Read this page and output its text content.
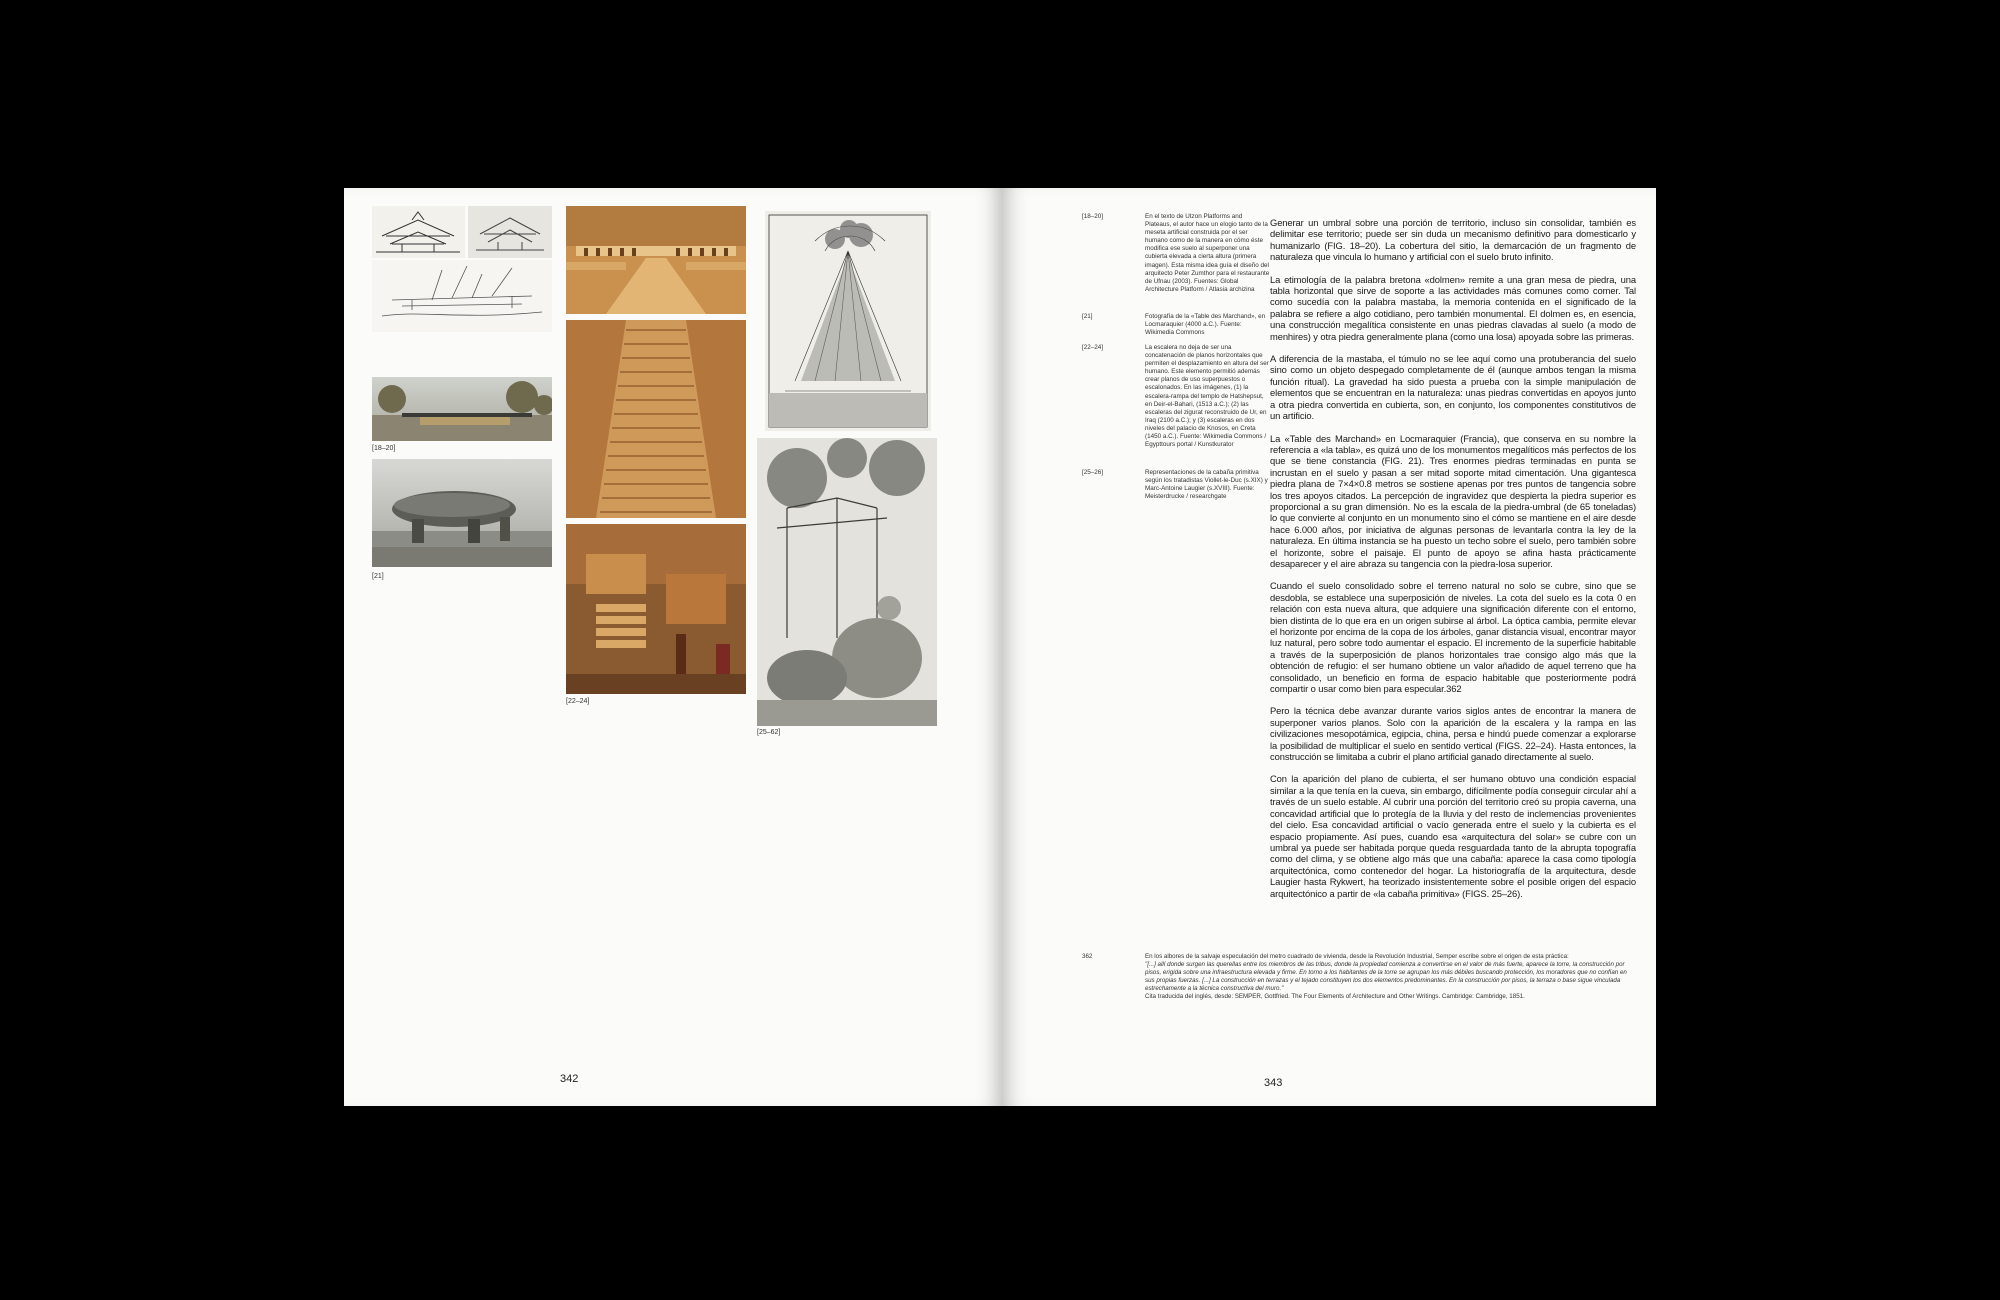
[18–20]
[21]
[22–24]
[25–62]
342
[18–20]	En el texto de Utzon Platforms and Plateaus, el autor hace un elogio tanto de la meseta artificial construida por el ser humano como de la manera en cómo éste modifica ese suelo al superponer una cubierta elevada a cierta altura (primera imagen). Esta misma idea guía el diseño del arquitecto Peter Zumthor para el restaurante de Ufnau (2003). Fuentes: Global Architecture Platform / Atlasia archizina
[21]	Fotografía de la «Table des Marchand», en Locmaraquier (4000 a.C.). Fuente: Wikimedia Commons
[22–24]	La escalera no deja de ser una concatenación de planos horizontales que permiten el desplazamiento en altura del ser humano. Este elemento permitió además crear planos de uso superpuestos o escalonados. En las imágenes, (1) la escalera-rampa del templo de Hatshepsut, en Deir-el-Bahari, (1513 a.C.); (2) las escaleras del zigurat reconstruido de Ur, en Iraq (2100 a.C.); y (3) escaleras en dos niveles del palacio de Knosos, en Creta (1450 a.C.). Fuente: Wikimedia Commons / Egypttours portal / Kunstkurator
[25–26]	Representaciones de la cabaña primitiva según los tratadistas Viollet-le-Duc (s.XIX) y Marc-Antoine Laugier (s.XVIII). Fuente: Meisterdrucke / researchgate

Generar un umbral sobre una porción de territorio, incluso sin consolidar, también es delimitar ese territorio; puede ser sin duda un mecanismo definitivo para domesticarlo y humanizarlo (FIG. 18–20). La cobertura del sitio, la demarcación de un fragmento de naturaleza que vincula lo humano y artificial con el suelo bruto infinito.

La etimología de la palabra bretona «dolmen» remite a una gran mesa de piedra, una tabla horizontal que sirve de soporte a las actividades más comunes como comer. Tal como sucedía con la palabra mastaba, la memoria contenida en el significado de la palabra se refiere a algo cotidiano, pero también monumental. El dolmen es, en esencia, una construcción megalítica consistente en unas piedras clavadas al suelo (a modo de menhires) y otra piedra generalmente plana (como una losa) apoyada sobre las primeras.

A diferencia de la mastaba, el túmulo no se lee aquí como una protuberancia del suelo sino como un objeto despegado completamente de él (aunque ambos tengan la misma función ritual). La gravedad ha sido puesta a prueba con la simple manipulación de elementos que se encuentran en la naturaleza: unas piedras convertidas en apoyos junto a otra piedra convertida en cubierta, son, en conjunto, los componentes constitutivos de un artificio.

La «Table des Marchand» en Locmaraquier (Francia), que conserva en su nombre la referencia a «la tabla», es quizá uno de los monumentos megalíticos más perfectos de los que se tiene constancia (FIG. 21). Tres enormes piedras terminadas en punta se incrustan en el suelo y pasan a ser mitad soporte mitad cimentación. Una gigantesca piedra plana de 7×4×0.8 metros se sostiene apenas por tres puntos de tangencia sobre los tres apoyos citados. La percepción de ingravidez que despierta la piedra superior es proporcional a su gran dimensión. No es la escala de la piedra-umbral (de 65 toneladas) lo que convierte al conjunto en un monumento sino el cómo se mantiene en el aire desde hace 6.000 años, por iniciativa de algunas personas de levantarla contra la ley de la naturaleza. En última instancia se ha puesto un techo sobre el suelo, pero también sobre el horizonte, sobre el paisaje. El punto de apoyo se afina hasta prácticamente desaparecer y el aire abraza su tangencia con la piedra-losa superior.

Cuando el suelo consolidado sobre el terreno natural no solo se cubre, sino que se desdobla, se establece una superposición de niveles. La cota del suelo es la cota 0 en relación con esta nueva altura, que adquiere una significación diferente con el entorno, bien distinta de lo que era en un origen subirse al árbol. La óptica cambia, permite elevar el horizonte por encima de la copa de los árboles, ganar distancia visual, encontrar mayor luz natural, pero sobre todo aumentar el espacio. El incremento de la superficie habitable a través de la superposición de planos horizontales trae consigo algo más que la obtención de refugio: el ser humano obtiene un valor añadido de aquel terreno que ha consolidado, un beneficio en forma de espacio habitable que posteriormente podrá compartir o usar como bien para especular.362

Pero la técnica debe avanzar durante varios siglos antes de encontrar la manera de superponer varios planos. Solo con la aparición de la escalera y la rampa en las civilizaciones mesopotámica, egipcia, china, persa e hindú puede comenzar a explorarse la posibilidad de multiplicar el suelo en sentido vertical (FIGS. 22–24). Hasta entonces, la construcción se limitaba a cubrir el plano artificial ganado directamente al suelo.

Con la aparición del plano de cubierta, el ser humano obtuvo una condición espacial similar a la que tenía en la cueva, sin embargo, difícilmente podía conseguir circular ahí a través de un suelo estable. Al cubrir una porción del territorio creó su propia caverna, una concavidad artificial que lo protegía de la lluvia y del resto de inclemencias provenientes del cielo. Esa concavidad artificial o vacío generada entre el suelo y la cubierta es el espacio propiamente. Así pues, cuando esa «arquitectura del solar» se cubre con un umbral ya puede ser habitada porque queda resguardada tanto de la abrupta topografía como del clima, y se obtiene algo más que una cabaña: aparece la casa como tipología arquitectónica, como contenedor del hogar. La historiografía de la arquitectura, desde Laugier hasta Rykwert, ha teorizado insistentemente sobre el posible origen del espacio arquitectónico a partir de «la cabaña primitiva» (FIGS. 25–26).

362	En los albores de la salvaje especulación del metro cuadrado de vivienda, desde la Revolución Industrial, Semper escribe sobre el origen de esta práctica:

"[...] allí donde surgen las querellas entre los miembros de las tribus, donde la propiedad comienza a convertirse en el valor de más fuerte, aparece la torre, la construcción por pisos, erigida sobre una infraestructura elevada y firme. En torno a los habitantes de la torre se agrupan los más débiles buscando protección, los moradores que no confían en sus propias fuerzas. [...] La construcción en terrazas y el tejado constituyen los dos elementos predominantes. En la construcción por pisos, la terraza o base sigue vinculada estrechamente a la técnica constructiva del muro."

Cita traducida del inglés, desde: SEMPER, Gottfried. The Four Elements of Architecture and Other Writings. Cambridge: Cambridge, 1851.

343
